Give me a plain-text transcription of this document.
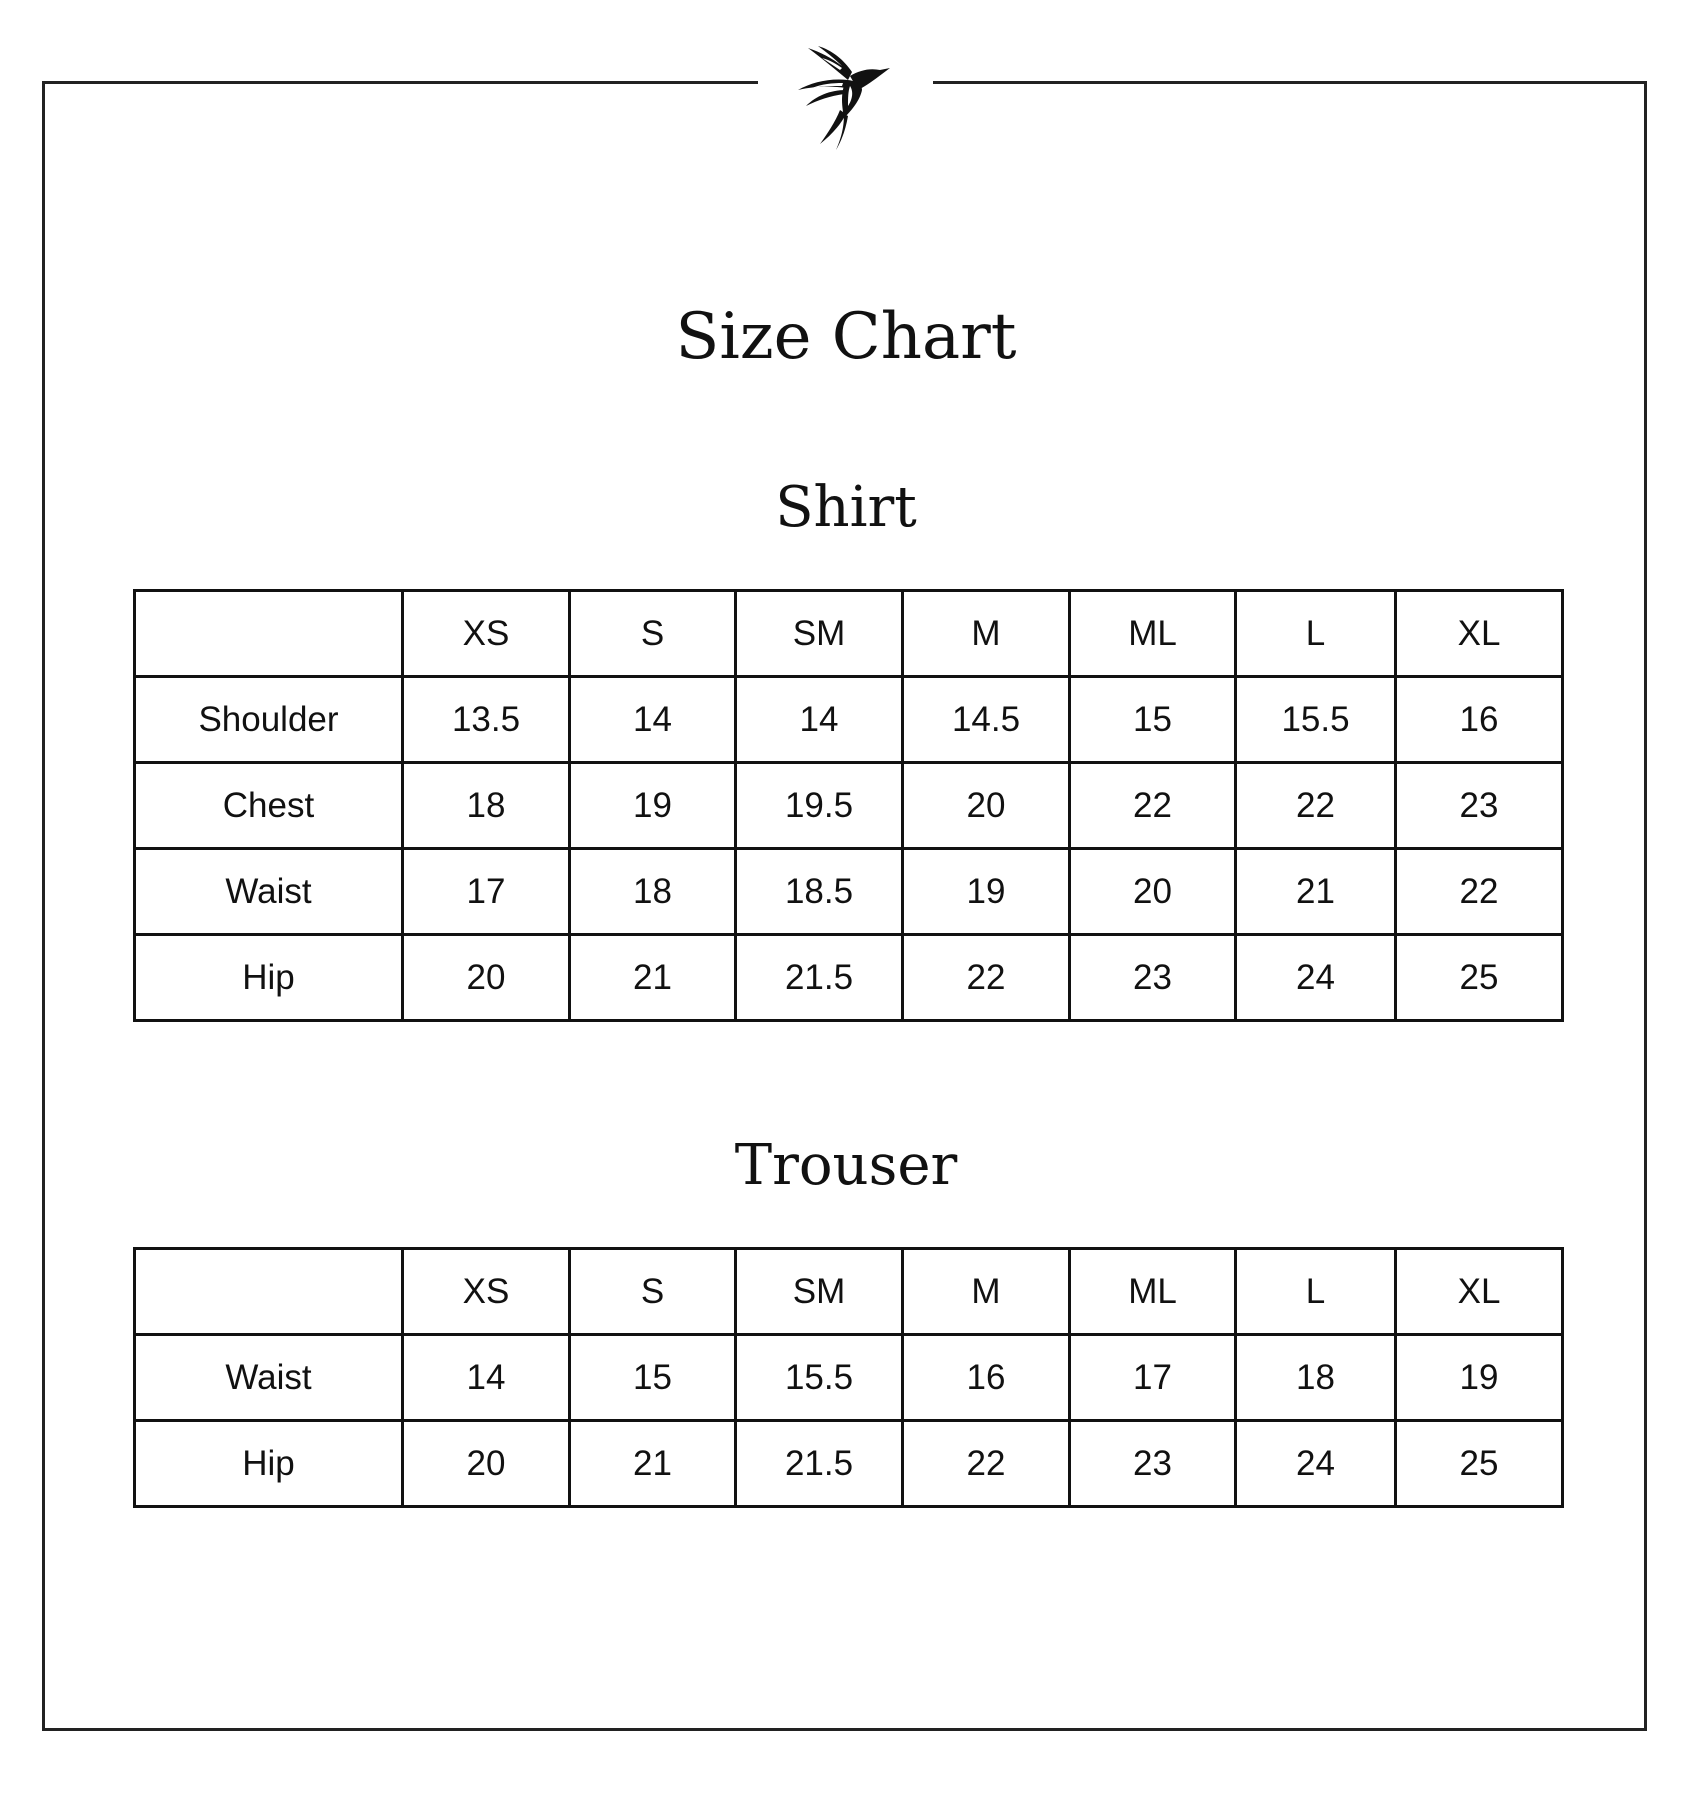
Size Chart
Shirt
	XS	S	SM	M	ML	L	XL
Shoulder	13.5	14	14	14.5	15	15.5	16
Chest	18	19	19.5	20	22	22	23
Waist	17	18	18.5	19	20	21	22
Hip	20	21	21.5	22	23	24	25
Trouser
	XS	S	SM	M	ML	L	XL
Waist	14	15	15.5	16	17	18	19
Hip	20	21	21.5	22	23	24	25
